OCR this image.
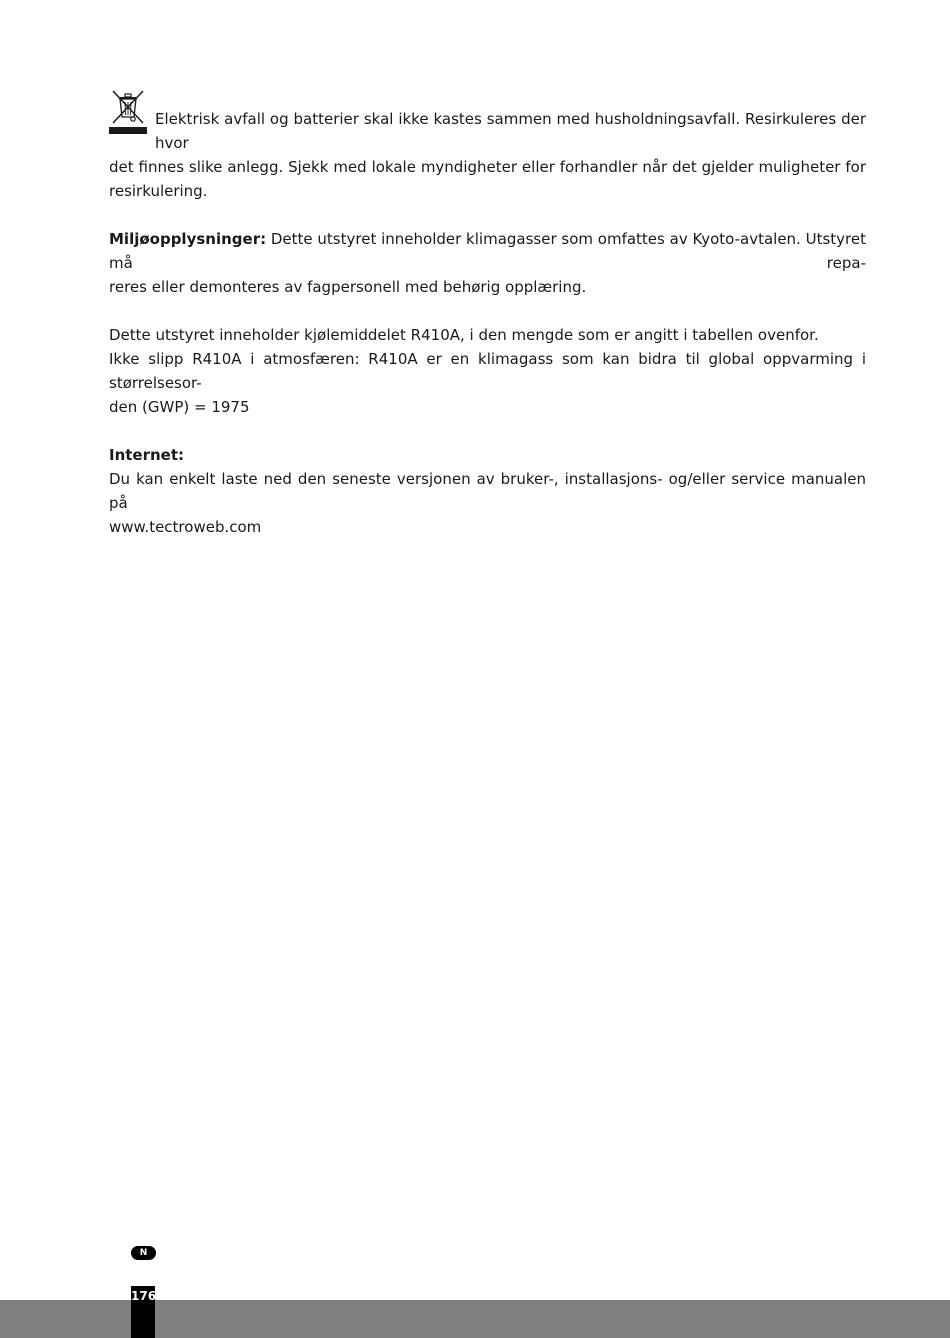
Elektrisk avfall og batterier skal ikke kastes sammen med husholdningsavfall. Resirkuleres der hvor
det finnes slike anlegg. Sjekk med lokale myndigheter eller forhandler når det gjelder muligheter for
resirkulering.
Miljøopplysninger: Dette utstyret inneholder klimagasser som omfattes av Kyoto-avtalen. Utstyret må repa-
reres eller demonteres av fagpersonell med behørig opplæring.
Dette utstyret inneholder kjølemiddelet R410A, i den mengde som er angitt i tabellen ovenfor.
Ikke slipp R410A i atmosfæren: R410A er en klimagass som kan bidra til global oppvarming i størrelsesor-
den (GWP) = 1975
Internet:
Du kan enkelt laste ned den seneste versjonen av bruker-, installasjons- og/eller service manualen på
www.tectroweb.com
N
176
